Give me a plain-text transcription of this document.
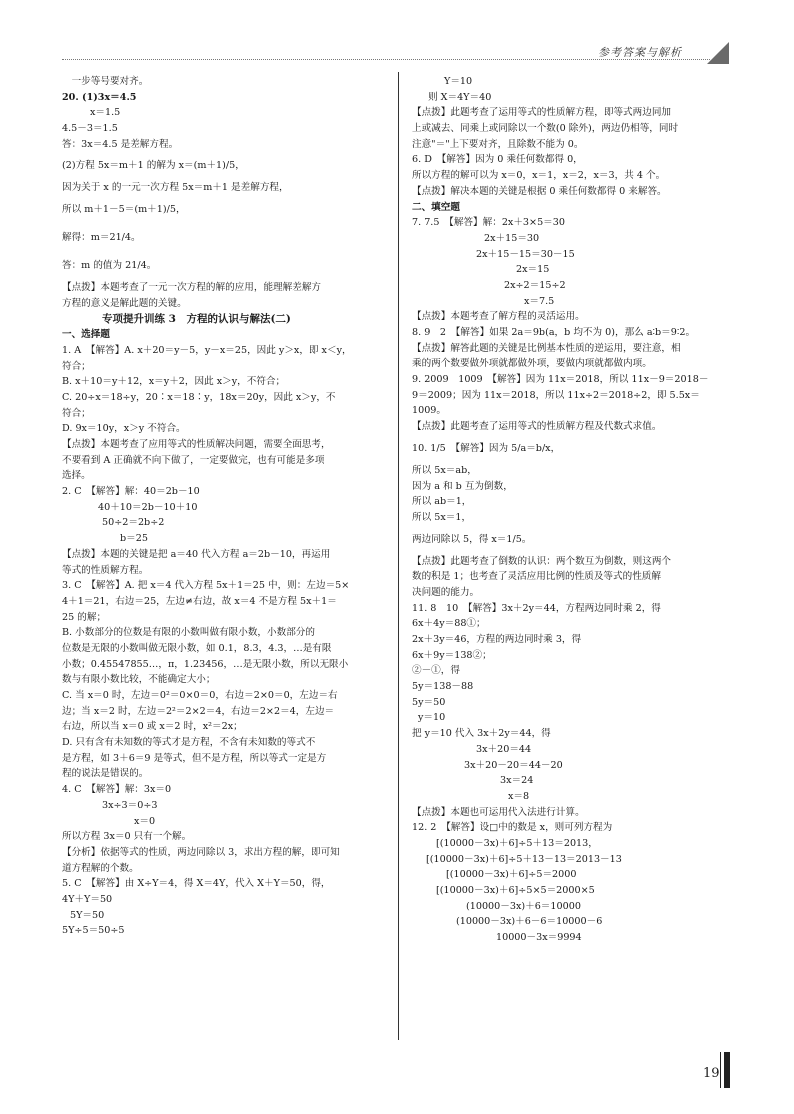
参考答案与解析
　一步等号要对齐。
20. (1)3x＝4.5
x＝1.5
4.5－3＝1.5
答：3x＝4.5 是差解方程。
(2)方程 5x＝m＋1 的解为 x＝(m＋1)/5，
因为关于 x 的一元一次方程 5x＝m＋1 是差解方程，
所以 m＋1－5＝(m＋1)/5，
解得：m＝21/4。
答：m 的值为 21/4。
【点拨】本题考查了一元一次方程的解的应用，能理解差解方
方程的意义是解此题的关键。
专项提升训练 3　方程的认识与解法(二)
一、选择题
1. A　【解答】A. x＋20＝y－5，y－x＝25，因此 y＞x，即 x＜y，
符合；
B. x＋10＝y＋12，x＝y＋2，因此 x＞y，不符合；
C. 20÷x＝18÷y，20∶x＝18∶y，18x＝20y，因此 x＞y，不
符合；
D. 9x＝10y，x＞y 不符合。
【点拨】本题考查了应用等式的性质解决问题，需要全面思考，
不要看到 A 正确就不向下做了，一定要做完，也有可能是多项
选择。
2. C　【解答】解：40＝2b－10
40＋10＝2b－10＋10
50÷2＝2b÷2
b＝25
【点拨】本题的关键是把 a＝40 代入方程 a＝2b－10，再运用
等式的性质解方程。
3. C　【解答】A. 把 x＝4 代入方程 5x＋1＝25 中，则：左边＝5×
4＋1＝21，右边＝25，左边≠右边，故 x＝4 不是方程 5x＋1＝
25 的解；
B. 小数部分的位数是有限的小数叫做有限小数，小数部分的
位数是无限的小数叫做无限小数，如 0.1，8.3，4.3，…是有限
小数；0.45547855…，π，1.23456，…是无限小数，所以无限小
数与有限小数比较，不能确定大小；
C. 当 x＝0 时，左边＝0²＝0×0＝0，右边＝2×0＝0，左边＝右
边；当 x＝2 时，左边＝2²＝2×2＝4，右边＝2×2＝4，左边＝
右边，所以当 x＝0 或 x＝2 时，x²＝2x；
D. 只有含有未知数的等式才是方程，不含有未知数的等式不
是方程，如 3＋6＝9 是等式，但不是方程，所以等式一定是方
程的说法是错误的。
4. C　【解答】解：3x＝0
3x÷3＝0÷3
x＝0
所以方程 3x＝0 只有一个解。
【分析】依据等式的性质，两边同除以 3，求出方程的解，即可知
道方程解的个数。
5. C　【解答】由 X÷Y＝4，得 X＝4Y，代入 X＋Y＝50，得，
4Y＋Y＝50
5Y＝50
5Y÷5＝50÷5
Y＝10
则 X＝4Y＝40
【点拨】此题考查了运用等式的性质解方程，即等式两边同加
上或减去、同乘上或同除以一个数(0 除外)，两边仍相等，同时
注意"＝"上下要对齐，且除数不能为 0。
6. D　【解答】因为 0 乘任何数都得 0，
所以方程的解可以为 x＝0，x＝1，x＝2，x＝3，共 4 个。
【点拨】解决本题的关键是根据 0 乘任何数都得 0 来解答。
二、填空题
7. 7.5　【解答】解：2x＋3×5＝30
2x＋15＝30
2x＋15－15＝30－15
2x＝15
2x÷2＝15÷2
x＝7.5
【点拨】本题考查了解方程的灵活运用。
8. 9　2　【解答】如果 2a＝9b(a，b 均不为 0)，那么 a∶b＝9∶2。
【点拨】解答此题的关键是比例基本性质的逆运用，要注意，相
乘的两个数要做外项就都做外项，要做内项就都做内项。
9. 2009　1009　【解答】因为 11x＝2018，所以 11x－9＝2018－
9＝2009；因为 11x＝2018，所以 11x÷2＝2018÷2，即 5.5x＝
1009。
【点拨】此题考查了运用等式的性质解方程及代数式求值。
10. 1/5　【解答】因为 5/a＝b/x，
所以 5x＝ab，
因为 a 和 b 互为倒数，
所以 ab＝1，
所以 5x＝1，
两边同除以 5，得 x＝1/5。
【点拨】此题考查了倒数的认识：两个数互为倒数，则这两个
数的积是 1；也考查了灵活应用比例的性质及等式的性质解
决问题的能力。
11. 8　10　【解答】3x＋2y＝44，方程两边同时乘 2，得
6x＋4y＝88①；
2x＋3y＝46，方程的两边同时乘 3，得
6x＋9y＝138②；
②－①，得
5y＝138－88
5y＝50
y＝10
把 y＝10 代入 3x＋2y＝44，得
3x＋20＝44
3x＋20－20＝44－20
3x＝24
x＝8
【点拨】本题也可运用代入法进行计算。
12. 2　【解答】设□中的数是 x，则可列方程为
[(10000－3x)＋6]÷5＋13＝2013，
[(10000－3x)＋6]÷5＋13－13＝2013－13
[(10000－3x)＋6]÷5＝2000
[(10000－3x)＋6]÷5×5＝2000×5
(10000－3x)＋6＝10000
(10000－3x)＋6－6＝10000－6
10000－3x＝9994
19
